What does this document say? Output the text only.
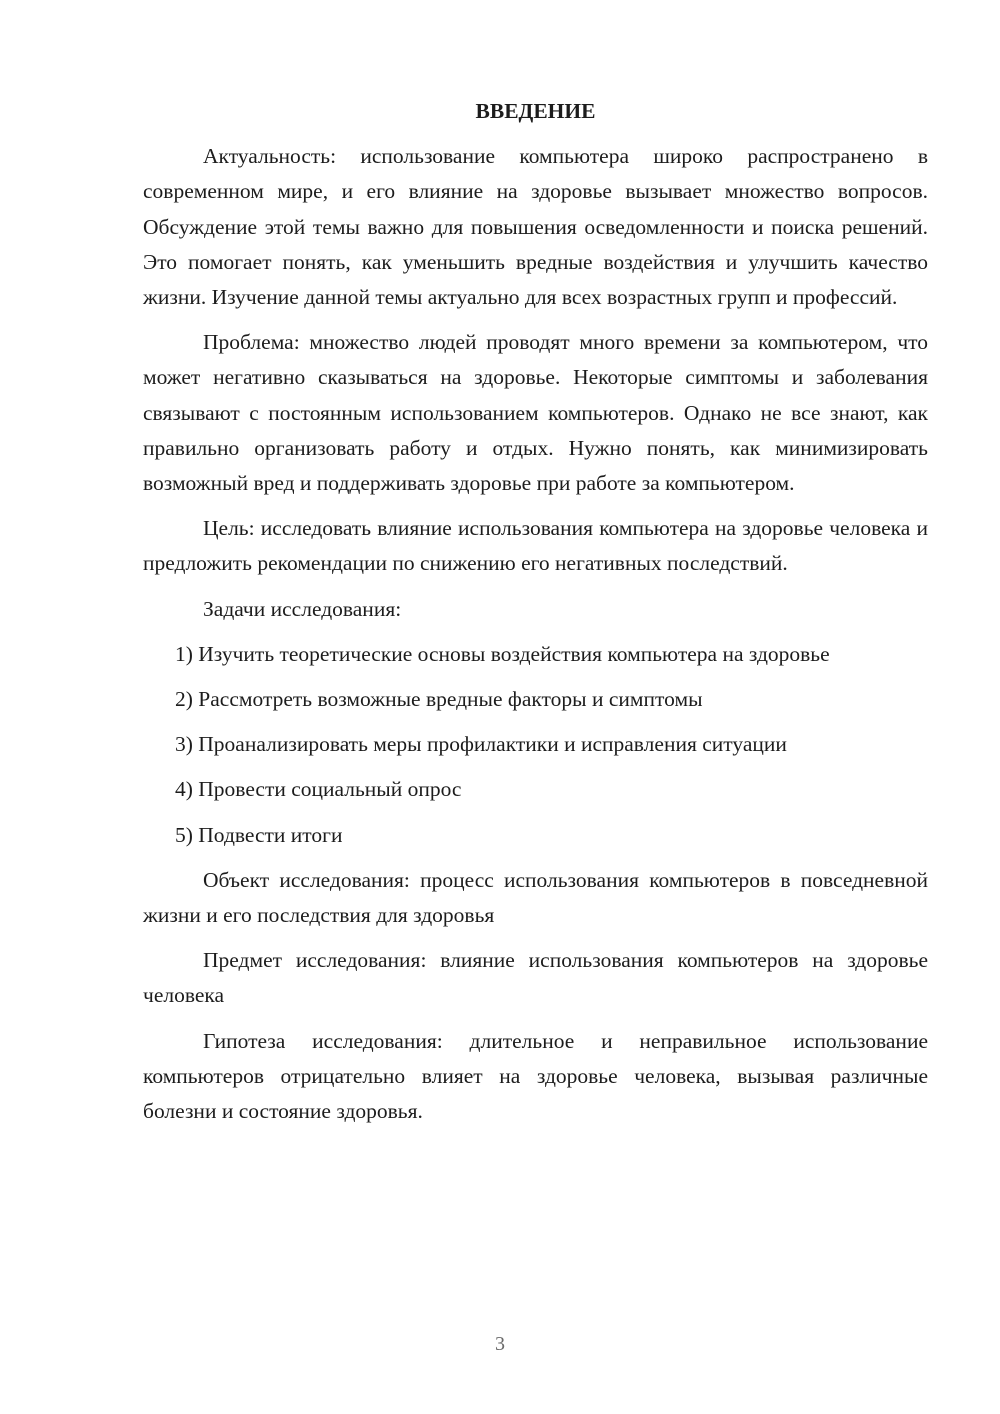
ВВЕДЕНИЕ

Актуальность: использование компьютера широко распространено в современном мире, и его влияние на здоровье вызывает множество вопросов. Обсуждение этой темы важно для повышения осведомленности и поиска решений. Это помогает понять, как уменьшить вредные воздействия и улучшить качество жизни. Изучение данной темы актуально для всех возрастных групп и профессий.

Проблема: множество людей проводят много времени за компьютером, что может негативно сказываться на здоровье. Некоторые симптомы и заболевания связывают с постоянным использованием компьютеров. Однако не все знают, как правильно организовать работу и отдых. Нужно понять, как минимизировать возможный вред и поддерживать здоровье при работе за компьютером.

Цель: исследовать влияние использования компьютера на здоровье человека и предложить рекомендации по снижению его негативных последствий.

Задачи исследования:

1) Изучить теоретические основы воздействия компьютера на здоровье

2) Рассмотреть возможные вредные факторы и симптомы

3) Проанализировать меры профилактики и исправления ситуации

4) Провести социальный опрос

5) Подвести итоги

Объект исследования: процесс использования компьютеров в повседневной жизни и его последствия для здоровья

Предмет исследования: влияние использования компьютеров на здоровье человека

Гипотеза исследования: длительное и неправильное использование компьютеров отрицательно влияет на здоровье человека, вызывая различные болезни и состояние здоровья.

3
